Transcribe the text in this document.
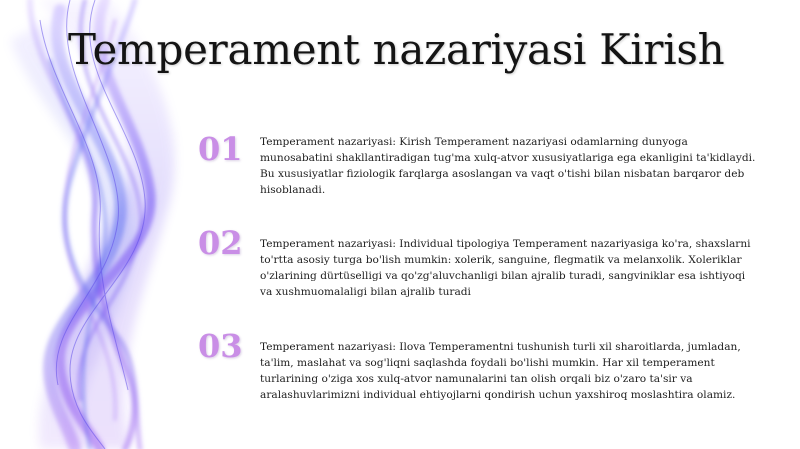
Temperament nazariyasi Kirish
01	Temperament nazariyasi: Kirish Temperament nazariyasi odamlarning dunyoga munosabatini shakllantiradigan tug'ma xulq-atvor xususiyatlariga ega ekanligini ta'kidlaydi. Bu xususiyatlar fiziologik farqlarga asoslangan va vaqt o'tishi bilan nisbatan barqaror deb hisoblanadi.
02	Temperament nazariyasi: Individual tipologiya Temperament nazariyasiga ko'ra, shaxslarni to'rtta asosiy turga bo'lish mumkin: xolerik, sanguine, flegmatik va melanxolik. Xoleriklar o'zlarining dürtüselligi va qo'zg'aluvchanligi bilan ajralib turadi, sangviniklar esa ishtiyoqi va xushmuomalaligi bilan ajralib turadi
03	Temperament nazariyasi: Ilova Temperamentni tushunish turli xil sharoitlarda, jumladan, ta'lim, maslahat va sog'liqni saqlashda foydali bo'lishi mumkin. Har xil temperament turlarining o'ziga xos xulq-atvor namunalarini tan olish orqali biz o'zaro ta'sir va aralashuvlarimizni individual ehtiyojlarni qondirish uchun yaxshiroq moslashtira olamiz.
